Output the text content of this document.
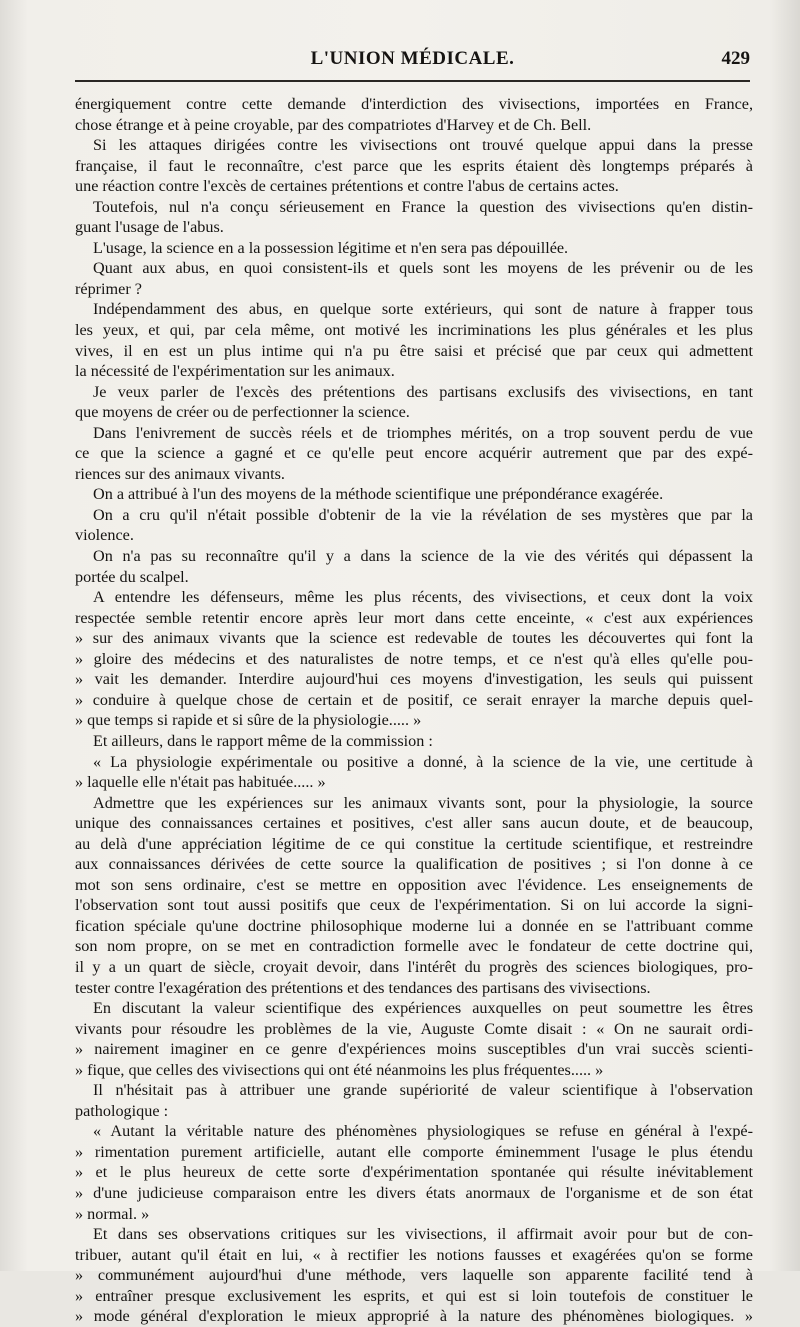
L'UNION MÉDICALE.	429
énergiquement contre cette demande d'interdiction des vivisections, importées en France,
chose étrange et à peine croyable, par des compatriotes d'Harvey et de Ch. Bell.
Si les attaques dirigées contre les vivisections ont trouvé quelque appui dans la presse
française, il faut le reconnaître, c'est parce que les esprits étaient dès longtemps préparés à
une réaction contre l'excès de certaines prétentions et contre l'abus de certains actes.
Toutefois, nul n'a conçu sérieusement en France la question des vivisections qu'en distin-
guant l'usage de l'abus.
L'usage, la science en a la possession légitime et n'en sera pas dépouillée.
Quant aux abus, en quoi consistent-ils et quels sont les moyens de les prévenir ou de les
réprimer ?
Indépendamment des abus, en quelque sorte extérieurs, qui sont de nature à frapper tous
les yeux, et qui, par cela même, ont motivé les incriminations les plus générales et les plus
vives, il en est un plus intime qui n'a pu être saisi et précisé que par ceux qui admettent
la nécessité de l'expérimentation sur les animaux.
Je veux parler de l'excès des prétentions des partisans exclusifs des vivisections, en tant
que moyens de créer ou de perfectionner la science.
Dans l'enivrement de succès réels et de triomphes mérités, on a trop souvent perdu de vue
ce que la science a gagné et ce qu'elle peut encore acquérir autrement que par des expé-
riences sur des animaux vivants.
On a attribué à l'un des moyens de la méthode scientifique une prépondérance exagérée.
On a cru qu'il n'était possible d'obtenir de la vie la révélation de ses mystères que par la
violence.
On n'a pas su reconnaître qu'il y a dans la science de la vie des vérités qui dépassent la
portée du scalpel.
A entendre les défenseurs, même les plus récents, des vivisections, et ceux dont la voix
respectée semble retentir encore après leur mort dans cette enceinte, « c'est aux expériences
» sur des animaux vivants que la science est redevable de toutes les découvertes qui font la
» gloire des médecins et des naturalistes de notre temps, et ce n'est qu'à elles qu'elle pou-
» vait les demander. Interdire aujourd'hui ces moyens d'investigation, les seuls qui puissent
» conduire à quelque chose de certain et de positif, ce serait enrayer la marche depuis quel-
» que temps si rapide et si sûre de la physiologie..... »
Et ailleurs, dans le rapport même de la commission :
« La physiologie expérimentale ou positive a donné, à la science de la vie, une certitude à
» laquelle elle n'était pas habituée..... »
Admettre que les expériences sur les animaux vivants sont, pour la physiologie, la source
unique des connaissances certaines et positives, c'est aller sans aucun doute, et de beaucoup,
au delà d'une appréciation légitime de ce qui constitue la certitude scientifique, et restreindre
aux connaissances dérivées de cette source la qualification de positives ; si l'on donne à ce
mot son sens ordinaire, c'est se mettre en opposition avec l'évidence. Les enseignements de
l'observation sont tout aussi positifs que ceux de l'expérimentation. Si on lui accorde la signi-
fication spéciale qu'une doctrine philosophique moderne lui a donnée en se l'attribuant comme
son nom propre, on se met en contradiction formelle avec le fondateur de cette doctrine qui,
il y a un quart de siècle, croyait devoir, dans l'intérêt du progrès des sciences biologiques, pro-
tester contre l'exagération des prétentions et des tendances des partisans des vivisections.
En discutant la valeur scientifique des expériences auxquelles on peut soumettre les êtres
vivants pour résoudre les problèmes de la vie, Auguste Comte disait : « On ne saurait ordi-
» nairement imaginer en ce genre d'expériences moins susceptibles d'un vrai succès scienti-
» fique, que celles des vivisections qui ont été néanmoins les plus fréquentes..... »
Il n'hésitait pas à attribuer une grande supériorité de valeur scientifique à l'observation
pathologique :
« Autant la véritable nature des phénomènes physiologiques se refuse en général à l'expé-
» rimentation purement artificielle, autant elle comporte éminemment l'usage le plus étendu
» et le plus heureux de cette sorte d'expérimentation spontanée qui résulte inévitablement
» d'une judicieuse comparaison entre les divers états anormaux de l'organisme et de son état
» normal. »
Et dans ses observations critiques sur les vivisections, il affirmait avoir pour but de con-
tribuer, autant qu'il était en lui, « à rectifier les notions fausses et exagérées qu'on se forme
» communément aujourd'hui d'une méthode, vers laquelle son apparente facilité tend à
» entraîner presque exclusivement les esprits, et qui est si loin toutefois de constituer le
» mode général d'exploration le mieux approprié à la nature des phénomènes biologiques. »
